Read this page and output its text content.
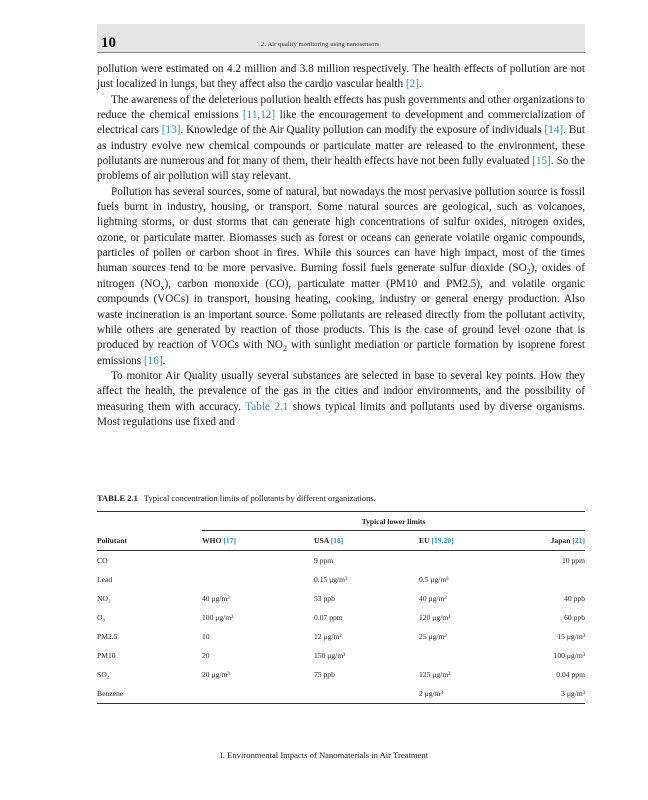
10	2. Air quality monitoring using nanosensors

pollution were estimated on 4.2 million and 3.8 million respectively. The health effects of pollution are not just localized in lungs, but they affect also the cardio vascular health [2].

The awareness of the deleterious pollution health effects has push governments and other organizations to reduce the chemical emissions [11,12] like the encouragement to development and commercialization of electrical cars [13]. Knowledge of the Air Quality pollution can modify the exposure of individuals [14]. But as industry evolve new chemical compounds or particulate matter are released to the environment, these pollutants are numerous and for many of them, their health effects have not been fully evaluated [15]. So the problems of air pollution will stay relevant.

Pollution has several sources, some of natural, but nowadays the most pervasive pollution source is fossil fuels burnt in industry, housing, or transport. Some natural sources are geological, such as volcanoes, lightning storms, or dust storms that can generate high concentrations of sulfur oxides, nitrogen oxides, ozone, or particulate matter. Biomasses such as forest or oceans can generate volatile organic compounds, particles of pollen or carbon shoot in fires. While this sources can have high impact, most of the times human sources tend to be more pervasive. Burning fossil fuels generate sulfur dioxide $(SO_2)$, oxides of nitrogen $(NO_x)$, carbon monoxide (CO), particulate matter (PM10 and PM2.5), and volatile organic compounds (VOCs) in transport, housing heating, cooking, industry or general energy production. Also waste incineration is an important source. Some pollutants are released directly from the pollutant activity, while others are generated by reaction of those products. This is the case of ground level ozone that is produced by reaction of VOCs with $NO_2$ with sunlight mediation or particle formation by isoprene forest emissions [16].

To monitor Air Quality usually several substances are selected in base to several key points. How they affect the health, the prevalence of the gas in the cities and indoor environments, and the possibility of measuring them with accuracy. Table 2.1 shows typical limits and pollutants used by diverse organisms. Most regulations use fixed and

TABLE 2.1 Typical concentration limits of pollutants by different organizations.
	Typical lower limits			
Pollutant	WHO [17]	USA [18]	EU [19,20]	Japan [21]
CO		9 ppm		10 ppm
Lead		0.15 μg/m³	0.5 μg/m³	
NO₂	40 μg/m³	53 ppb	40 μg/m³	40 ppb
O₃	100 μg/m³	0.07 ppm	120 μg/m³	60 ppb
PM2.5	10	12 μg/m³	25 μg/m³	15 μg/m³
PM10	20	150 μg/m³		100 μg/m³
SO₂	20 μg/m³	75 ppb	125 μg/m³	0.04 ppm
Benzene			2 μg/m³	3 μg/m³
I. Environmental Impacts of Nanomaterials in Air Treatment
